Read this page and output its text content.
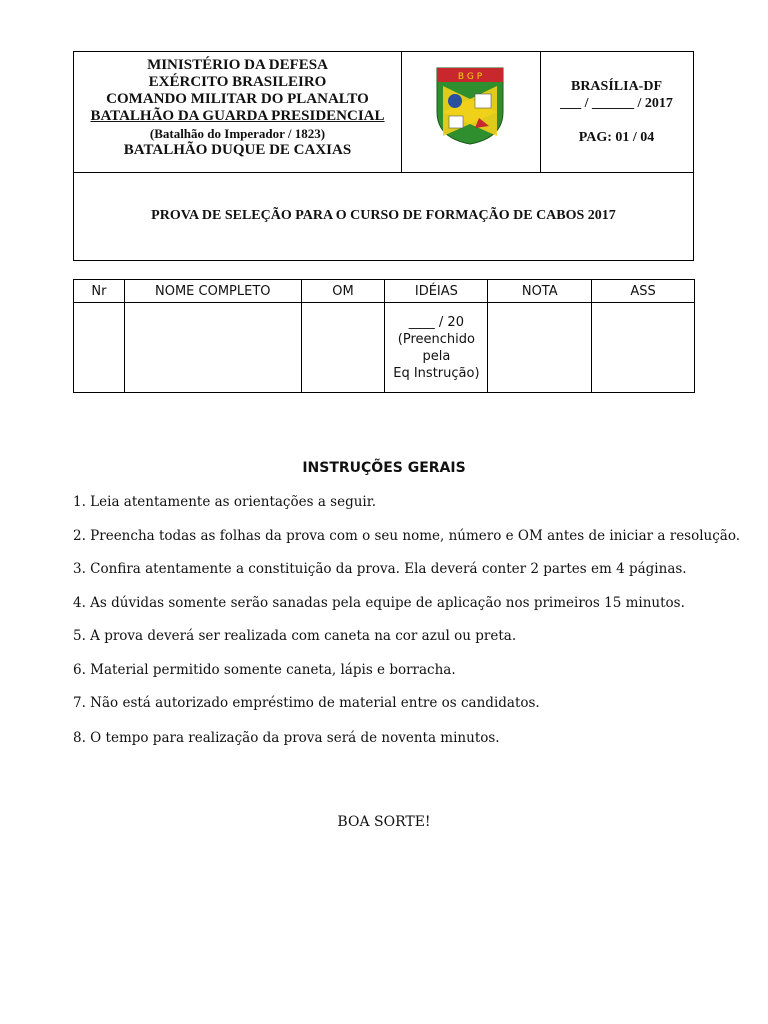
MINISTÉRIO DA DEFESA
EXÉRCITO BRASILEIRO
COMANDO MILITAR DO PLANALTO
BATALHÃO DA GUARDA PRESIDENCIAL
(Batalhão do Imperador / 1823)
BATALHÃO DUQUE DE CAXIAS
B G P
BRASÍLIA-DF
___ / ______ / 2017
PAG: 01 / 04
PROVA DE SELEÇÃO PARA O CURSO DE FORMAÇÃO DE CABOS 2017
Nr	NOME COMPLETO	OM	IDÉIAS	NOTA	ASS

			____ / 20
(Preenchido
pela
Eq Instrução)		

INSTRUÇÕES GERAIS
1. Leia atentamente as orientações a seguir.
2. Preencha todas as folhas da prova com o seu nome, número e OM antes de iniciar a resolução.
3. Confira atentamente a constituição da prova. Ela deverá conter 2 partes em 4 páginas.
4. As dúvidas somente serão sanadas pela equipe de aplicação nos primeiros 15 minutos.
5. A prova deverá ser realizada com caneta na cor azul ou preta.
6. Material permitido somente caneta, lápis e borracha.
7. Não está autorizado empréstimo de material entre os candidatos.
8. O tempo para realização da prova será de noventa minutos.
BOA SORTE!
